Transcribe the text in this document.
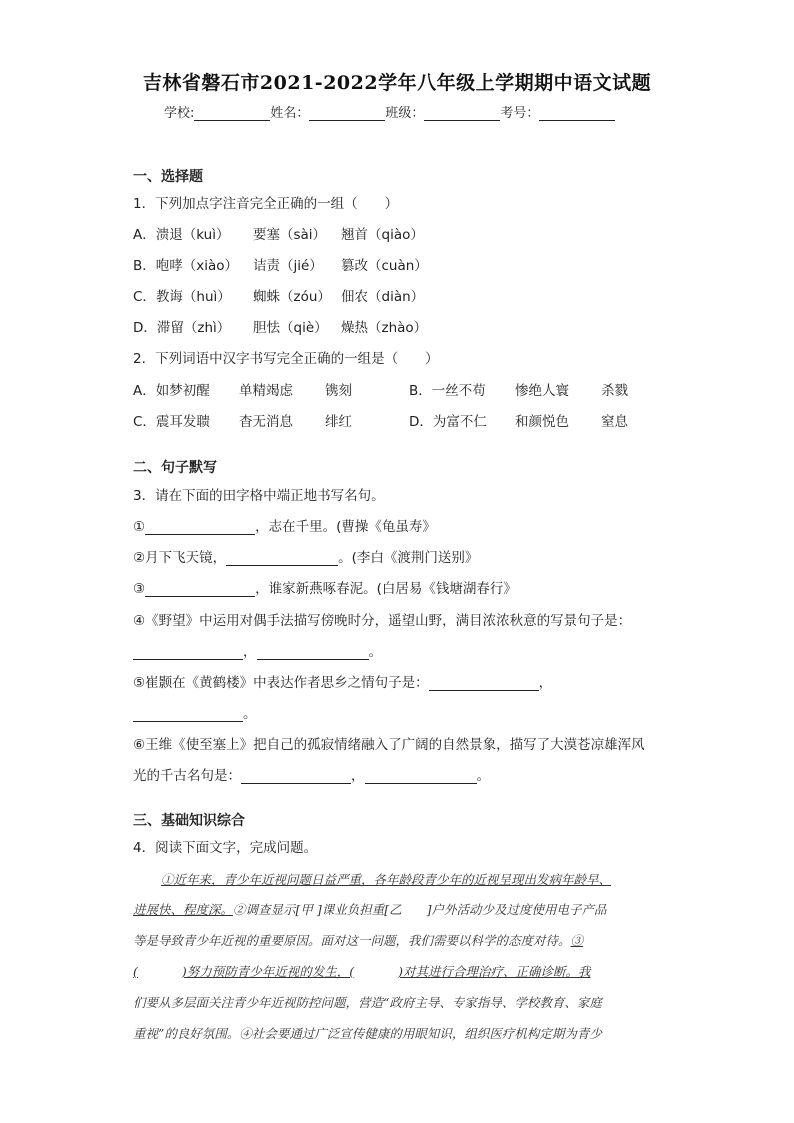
吉林省磐石市2021-2022学年八年级上学期期中语文试题
学校:	姓名：	班级：	考号：
一、选择题
1．下列加点字注音完全正确的一组（　　）
A．溃退（kuì） 要塞（sài） 翘首（qiào）
B．咆哮（xiào） 诘责（jié） 篡改（cuàn）
C．教诲（huì） 蜘蛛（zóu） 佃农（diàn）
D．滞留（zhì） 胆怯（qiè） 燥热（zhào）
2．下列词语中汉字书写完全正确的一组是（　　）
A．如梦初醒 单精竭虑 镌刻	B．一丝不苟 惨绝人寰 杀戮
C．震耳发聩 杳无消息 绯红	D．为富不仁 和颜悦色 窒息
二、句子默写
3．请在下面的田字格中端正地书写名句。
①	，志在千里。(曹操《龟虽寿》
②月下飞天镜，	。(李白《渡荆门送别》
③	，谁家新燕啄春泥。(白居易《钱塘湖春行》
④《野望》中运用对偶手法描写傍晚时分，遥望山野，满目浓浓秋意的写景句子是：
，	。
⑤崔颢在《黄鹤楼》中表达作者思乡之情句子是：	，
。
⑥王维《使至塞上》把自己的孤寂情绪融入了广阔的自然景象，描写了大漠苍凉雄浑风
光的千古名句是：	，	。
三、基础知识综合
4．阅读下面文字，完成问题。
①近年来，青少年近视问题日益严重，各年龄段青少年的近视呈现出发病年龄早、
进展快、程度深。②调查显示[甲 ]课业负担重[乙　　]户外活动少及过度使用电子产品
等是导致青少年近视的重要原因。面对这一问题，我们需要以科学的态度对待。③
(	)努力预防青少年近视的发生，(	)对其进行合理治疗、正确诊断。我
们要从多层面关注青少年近视防控问题，营造“政府主导、专家指导、学校教育、家庭
重视”的良好氛围。④社会要通过广泛宣传健康的用眼知识，组织医疗机构定期为青少
